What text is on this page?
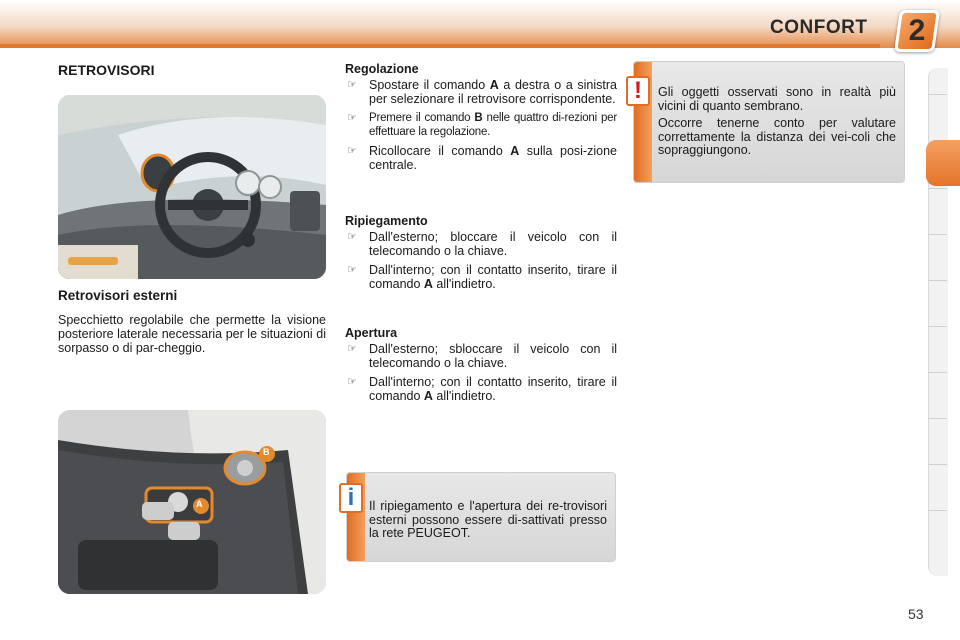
CONFORT 2
RETROVISORI
Retrovisori esterni
Specchietto regolabile che permette la visione posteriore laterale necessaria per le situazioni di sorpasso o di par-cheggio.
A
B
Regolazione
☞ Spostare il comando A a destra o a sinistra per selezionare il retrovisore corrispondente.
☞ Premere il comando B nelle quattro di-rezioni per effettuare la regolazione.
☞ Ricollocare il comando A sulla posi-zione centrale.
Ripiegamento
☞ Dall'esterno; bloccare il veicolo con il telecomando o la chiave.
☞ Dall'interno; con il contatto inserito, tirare il comando A all'indietro.
Apertura
☞ Dall'esterno; sbloccare il veicolo con il telecomando o la chiave.
☞ Dall'interno; con il contatto inserito, tirare il comando A all'indietro.
i	Il ripiegamento e l'apertura dei re-trovisori esterni possono essere di-sattivati presso la rete PEUGEOT.
!	Gli oggetti osservati sono in realtà più vicini di quanto sembrano.

Occorre tenerne conto per valutare correttamente la distanza dei vei-coli che sopraggiungono.

53
